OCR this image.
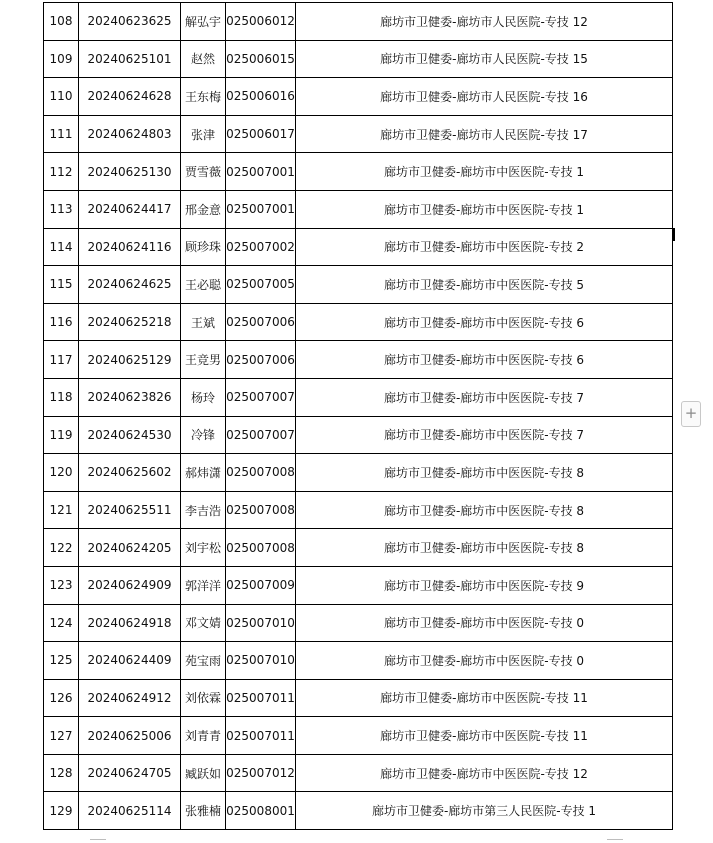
108	20240623625	解弘宇	025006012	廊坊市卫健委-廊坊市人民医院-专技 12
109	20240625101	赵然	025006015	廊坊市卫健委-廊坊市人民医院-专技 15
110	20240624628	王东梅	025006016	廊坊市卫健委-廊坊市人民医院-专技 16
111	20240624803	张津	025006017	廊坊市卫健委-廊坊市人民医院-专技 17
112	20240625130	贾雪薇	025007001	廊坊市卫健委-廊坊市中医医院-专技 1
113	20240624417	邢金意	025007001	廊坊市卫健委-廊坊市中医医院-专技 1
114	20240624116	顾珍珠	025007002	廊坊市卫健委-廊坊市中医医院-专技 2
115	20240624625	王必聪	025007005	廊坊市卫健委-廊坊市中医医院-专技 5
116	20240625218	王斌	025007006	廊坊市卫健委-廊坊市中医医院-专技 6
117	20240625129	王竞男	025007006	廊坊市卫健委-廊坊市中医医院-专技 6
118	20240623826	杨玲	025007007	廊坊市卫健委-廊坊市中医医院-专技 7
119	20240624530	冷锋	025007007	廊坊市卫健委-廊坊市中医医院-专技 7
120	20240625602	郝炜潇	025007008	廊坊市卫健委-廊坊市中医医院-专技 8
121	20240625511	李吉浩	025007008	廊坊市卫健委-廊坊市中医医院-专技 8
122	20240624205	刘宇松	025007008	廊坊市卫健委-廊坊市中医医院-专技 8
123	20240624909	郭洋洋	025007009	廊坊市卫健委-廊坊市中医医院-专技 9
124	20240624918	邓文婧	025007010	廊坊市卫健委-廊坊市中医医院-专技 0
125	20240624409	苑宝雨	025007010	廊坊市卫健委-廊坊市中医医院-专技 0
126	20240624912	刘依霖	025007011	廊坊市卫健委-廊坊市中医医院-专技 11
127	20240625006	刘青青	025007011	廊坊市卫健委-廊坊市中医医院-专技 11
128	20240624705	臧跃如	025007012	廊坊市卫健委-廊坊市中医医院-专技 12
129	20240625114	张雅楠	025008001	廊坊市卫健委-廊坊市第三人民医院-专技 1
+
